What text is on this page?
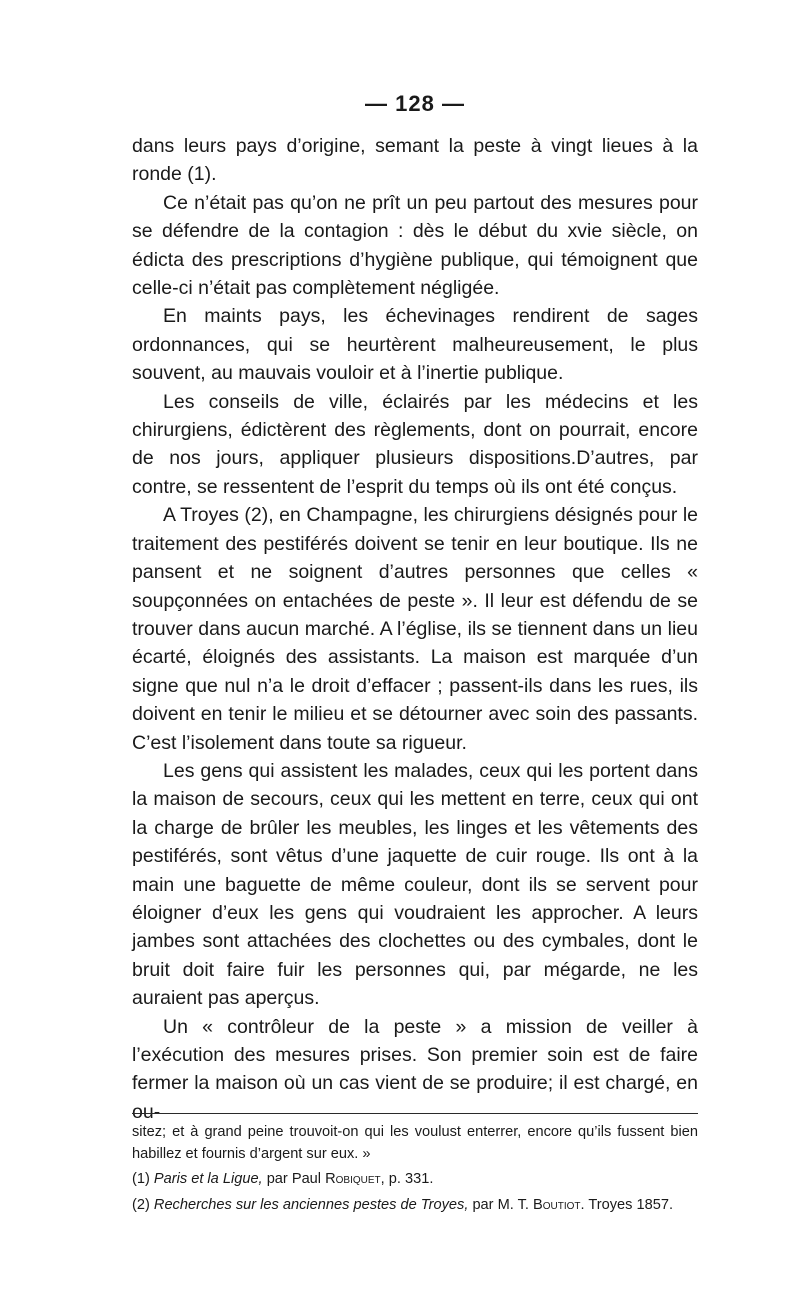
— 128 —

dans leurs pays d’origine, semant la peste à vingt lieues à la ronde (1).

Ce n’était pas qu’on ne prît un peu partout des mesures pour se défendre de la contagion : dès le début du xvie siècle, on édicta des prescriptions d’hygiène publique, qui témoignent que celle-ci n’était pas complètement négligée.

En maints pays, les échevinages rendirent de sages ordonnances, qui se heurtèrent malheureusement, le plus souvent, au mauvais vouloir et à l’inertie publique.

Les conseils de ville, éclairés par les médecins et les chirurgiens, édictèrent des règlements, dont on pourrait, encore de nos jours, appliquer plusieurs dispositions.D’autres, par contre, se ressentent de l’esprit du temps où ils ont été conçus.

A Troyes (2), en Champagne, les chirurgiens désignés pour le traitement des pestiférés doivent se tenir en leur boutique. Ils ne pansent et ne soignent d’autres personnes que celles « soupçonnées on entachées de peste ». Il leur est défendu de se trouver dans aucun marché. A l’église, ils se tiennent dans un lieu écarté, éloignés des assistants. La maison est marquée d’un signe que nul n’a le droit d’effacer ; passent-ils dans les rues, ils doivent en tenir le milieu et se détourner avec soin des passants. C’est l’isolement dans toute sa rigueur.

Les gens qui assistent les malades, ceux qui les portent dans la maison de secours, ceux qui les mettent en terre, ceux qui ont la charge de brûler les meubles, les linges et les vêtements des pestiférés, sont vêtus d’une jaquette de cuir rouge. Ils ont à la main une baguette de même couleur, dont ils se servent pour éloigner d’eux les gens qui voudraient les approcher. A leurs jambes sont attachées des clochettes ou des cymbales, dont le bruit doit faire fuir les personnes qui, par mégarde, ne les auraient pas aperçus.

Un « contrôleur de la peste » a mission de veiller à l’exécution des mesures prises. Son premier soin est de faire fermer la maison où un cas vient de se produire; il est chargé, en ou-

sitez; et à grand peine trouvoit-on qui les voulust enterrer, encore qu’ils fussent bien habillez et fournis d’argent sur eux. »

(1) Paris et la Ligue, par Paul Robiquet, p. 331.

(2) Recherches sur les anciennes pestes de Troyes, par M. T. Boutiot. Troyes 1857.
